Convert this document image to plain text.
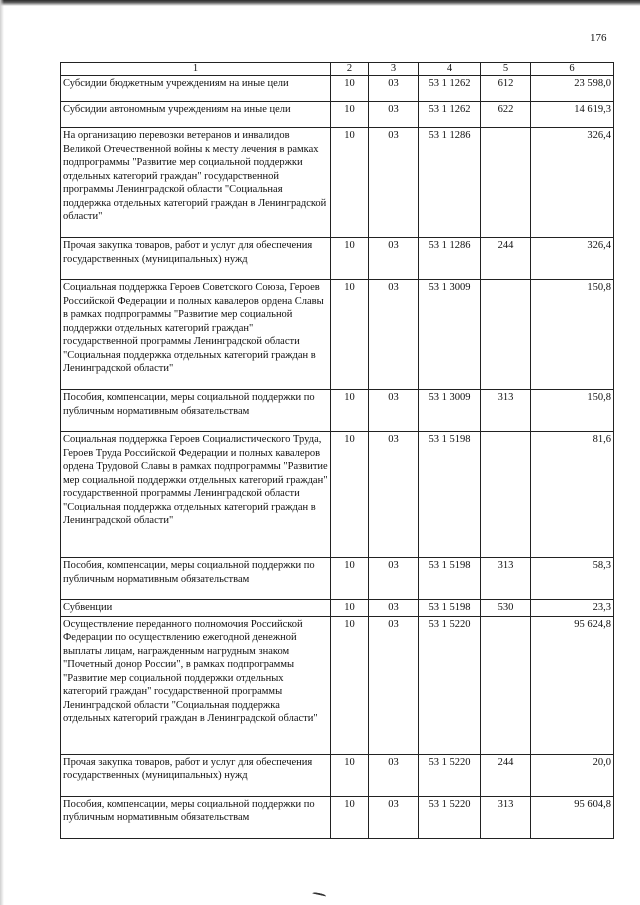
176
1	2	3	4	5	6
Субсидии бюджетным учреждениям на иные цели	10	03	53 1 1262	612	23 598,0
Субсидии автономным учреждениям на иные цели	10	03	53 1 1262	622	14 619,3
На организацию перевозки ветеранов и инвалидов Великой Отечественной войны к месту лечения в рамках подпрограммы "Развитие мер социальной поддержки отдельных категорий граждан" государственной программы Ленинградской области "Социальная поддержка отдельных категорий граждан в Ленинградской области"	10	03	53 1 1286		326,4
Прочая закупка товаров, работ и услуг для обеспечения государственных (муниципальных) нужд	10	03	53 1 1286	244	326,4
Социальная поддержка Героев Советского Союза, Героев Российской Федерации и полных кавалеров ордена Славы в рамках подпрограммы "Развитие мер социальной поддержки отдельных категорий граждан" государственной программы Ленинградской области "Социальная поддержка отдельных категорий граждан в Ленинградской области"	10	03	53 1 3009		150,8
Пособия, компенсации, меры социальной поддержки по публичным нормативным обязательствам	10	03	53 1 3009	313	150,8
Социальная поддержка Героев Социалистического Труда, Героев Труда Российской Федерации и полных кавалеров ордена Трудовой Славы в рамках подпрограммы "Развитие мер социальной поддержки отдельных категорий граждан" государственной программы Ленинградской области "Социальная поддержка отдельных категорий граждан в Ленинградской области"	10	03	53 1 5198		81,6
Пособия, компенсации, меры социальной поддержки по публичным нормативным обязательствам	10	03	53 1 5198	313	58,3
Субвенции	10	03	53 1 5198	530	23,3
Осуществление переданного полномочия Российской Федерации по осуществлению ежегодной денежной выплаты лицам, награжденным нагрудным знаком "Почетный донор России", в рамках подпрограммы "Развитие мер социальной поддержки отдельных категорий граждан" государственной программы Ленинградской области "Социальная поддержка отдельных категорий граждан в Ленинградской области"	10	03	53 1 5220		95 624,8
Прочая закупка товаров, работ и услуг для обеспечения государственных (муниципальных) нужд	10	03	53 1 5220	244	20,0
Пособия, компенсации, меры социальной поддержки по публичным нормативным обязательствам	10	03	53 1 5220	313	95 604,8
